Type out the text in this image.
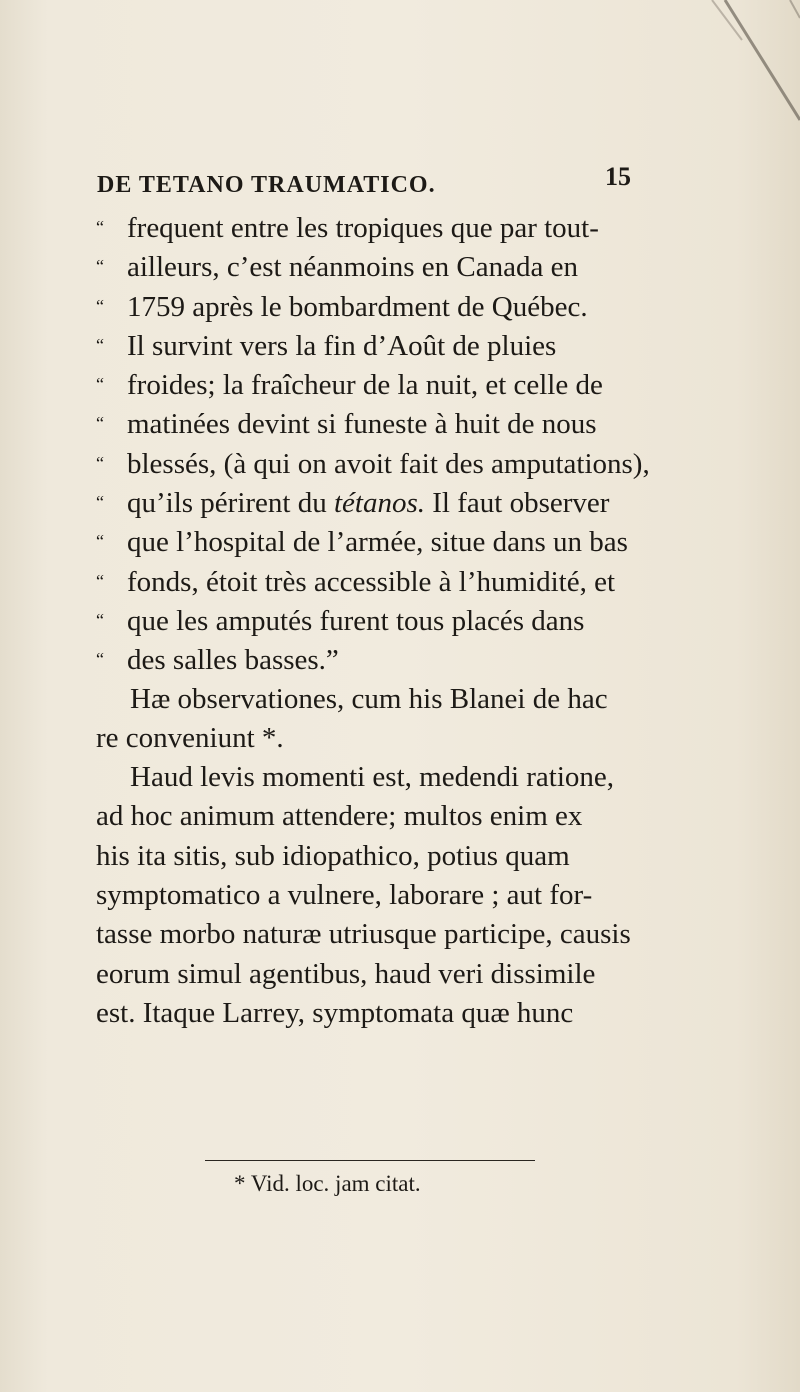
DE TETANO TRAUMATICO.	15
“ frequent entre les tropiques que par tout-
“ ailleurs, c’est néanmoins en Canada en
“ 1759 après le bombardment de Québec.
“ Il survint vers la fin d’Août de pluies
“ froides; la fraîcheur de la nuit, et celle de
“ matinées devint si funeste à huit de nous
“ blessés, (à qui on avoit fait des amputations),
“ qu’ils périrent du tétanos. Il faut observer
“ que l’hospital de l’armée, situe dans un bas
“ fonds, étoit très accessible à l’humidité, et
“ que les amputés furent tous placés dans
“ des salles basses.”
Hæ observationes, cum his Blanei de hac
re conveniunt *.
Haud levis momenti est, medendi ratione,
ad hoc animum attendere; multos enim ex
his ita sitis, sub idiopathico, potius quam
symptomatico a vulnere, laborare ; aut for-
tasse morbo naturæ utriusque participe, causis
eorum simul agentibus, haud veri dissimile
est. Itaque Larrey, symptomata quæ hunc
* Vid. loc. jam citat.
